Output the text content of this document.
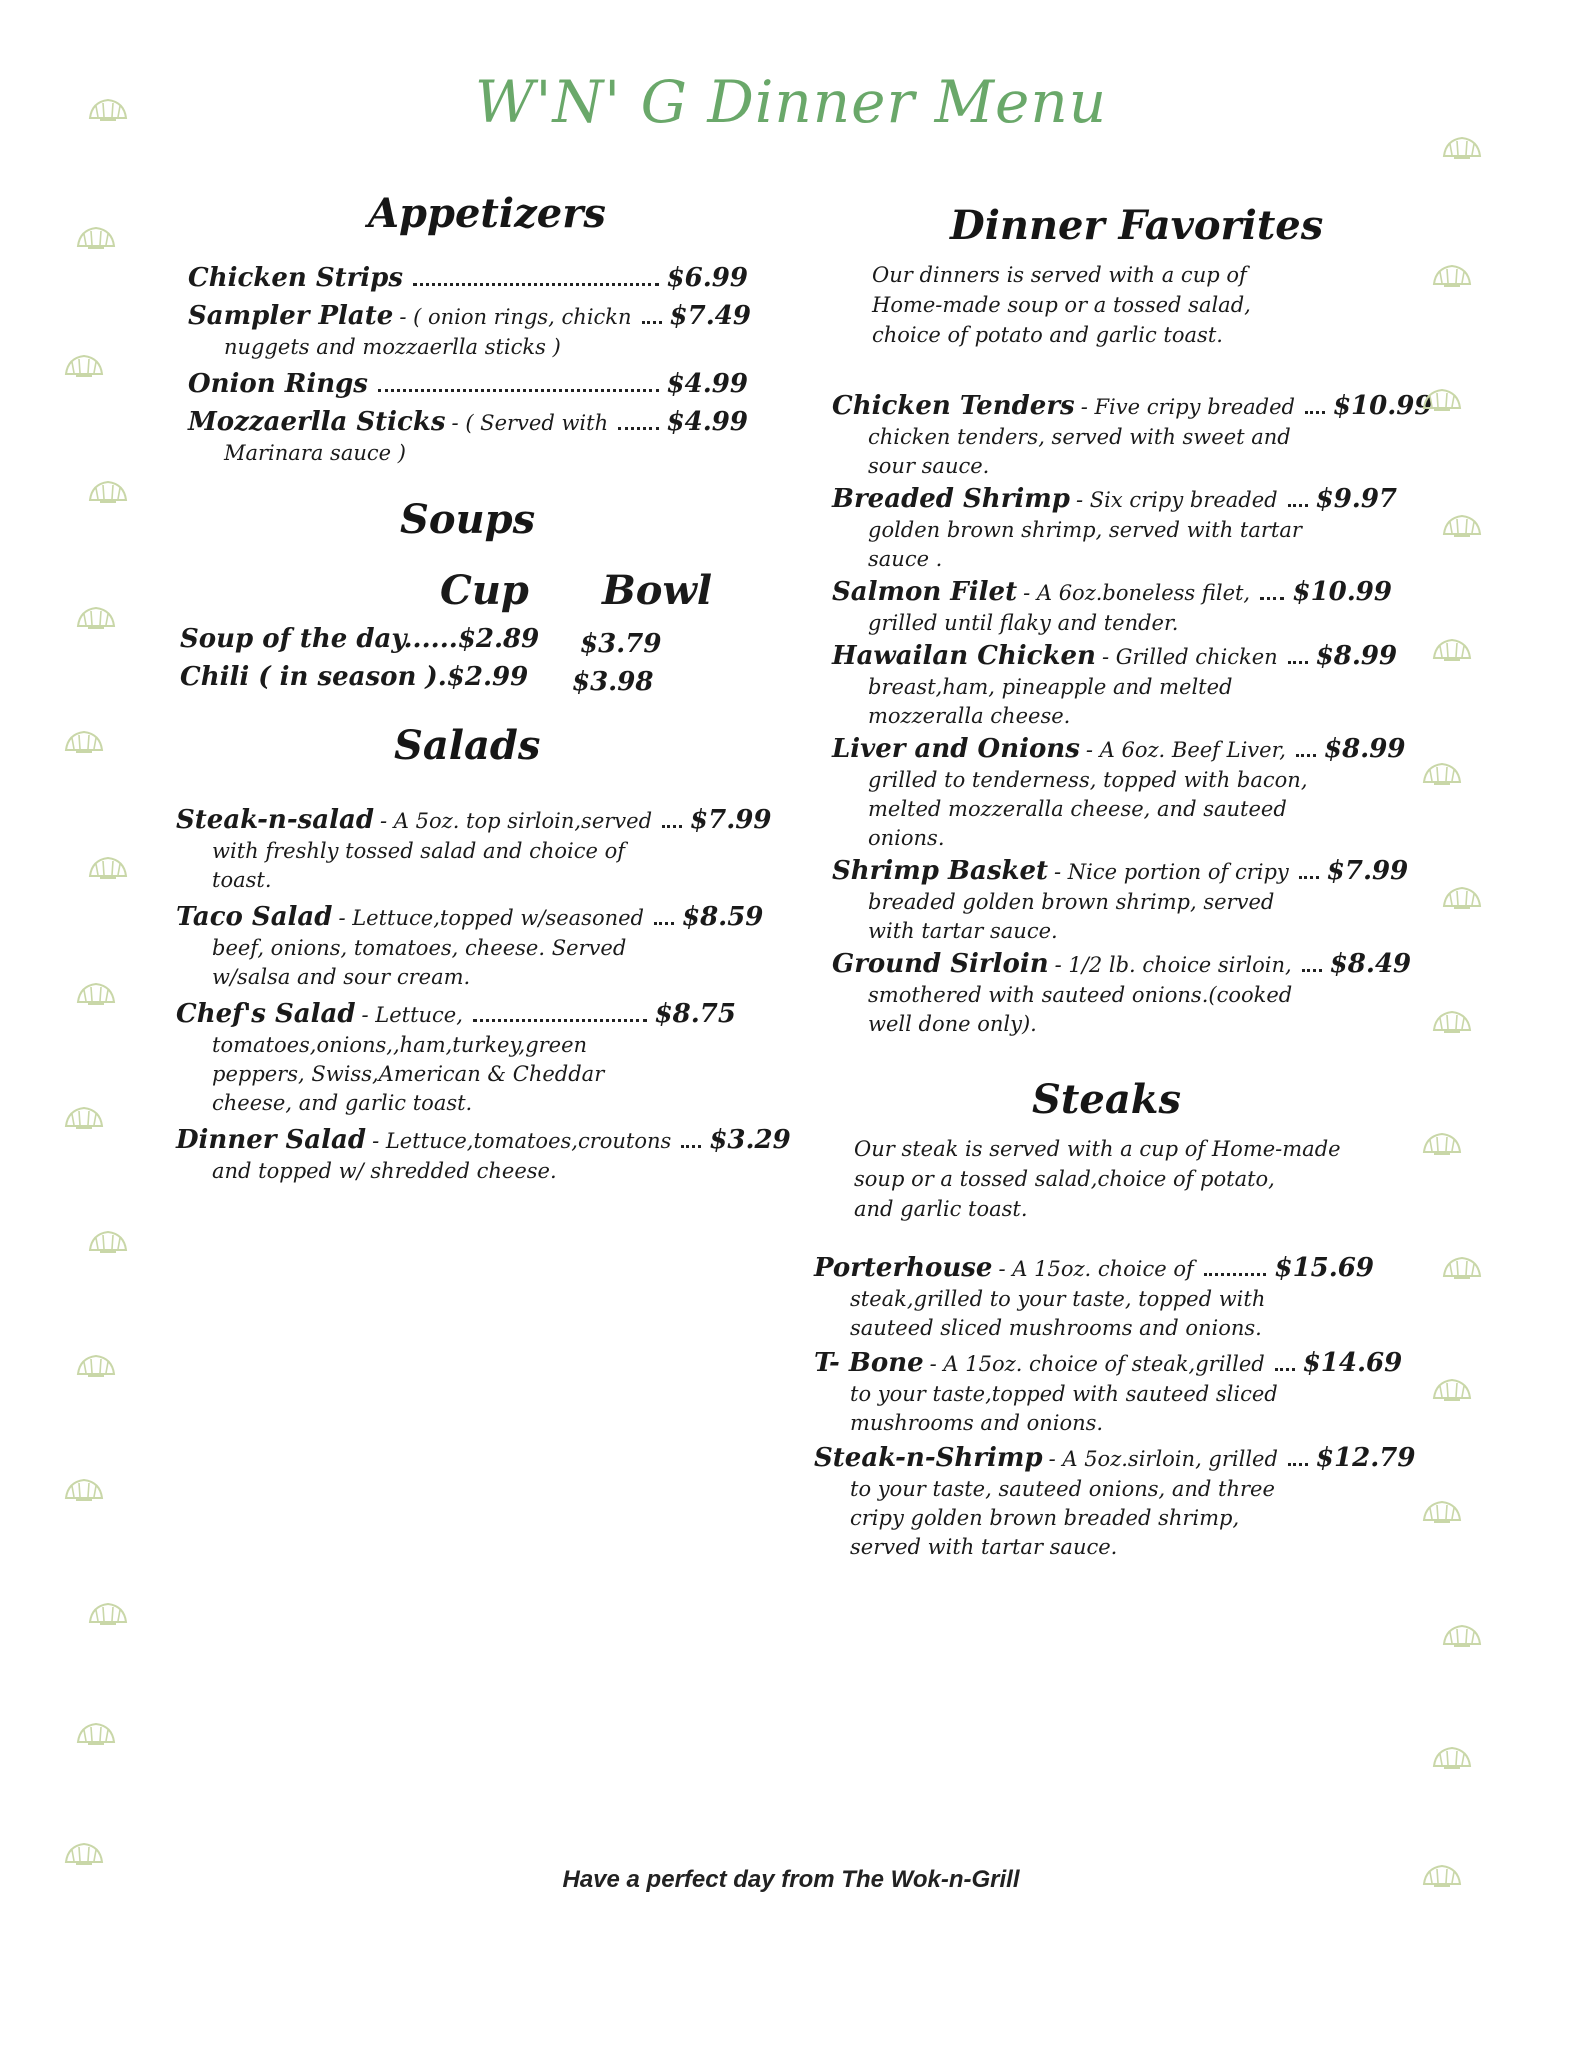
W'N' G Dinner Menu
Appetizers
Chicken Strips	$6.99
Sampler Plate - ( onion rings, chickn $7.49
nuggets and mozzaerlla sticks )
Onion Rings	$4.99
Mozzaerlla Sticks - ( Served with $4.99
Marinara sauce )
Soups
Cup Bowl
Soup of the day......$2.89 $3.79
Chili ( in season ).$2.99 $3.98
Salads
Steak-n-salad - A 5oz. top sirloin,served $7.99
with freshly tossed salad and choice of
toast.
Taco Salad - Lettuce,topped w/seasoned $8.59
beef, onions, tomatoes, cheese. Served
w/salsa and sour cream.
Chef's Salad - Lettuce,	$8.75
tomatoes,onions,,ham,turkey,green
peppers, Swiss,American & Cheddar
cheese, and garlic toast.
Dinner Salad - Lettuce,tomatoes,croutons $3.29
and topped w/ shredded cheese.
Dinner Favorites
Our dinners is served with a cup of
Home-made soup or a tossed salad,
choice of potato and garlic toast.
Chicken Tenders - Five cripy breaded $10.99
chicken tenders, served with sweet and
sour sauce.
Breaded Shrimp - Six cripy breaded $9.97
golden brown shrimp, served with tartar
sauce .
Salmon Filet - A 6oz.boneless filet, $10.99
grilled until flaky and tender.
Hawailan Chicken - Grilled chicken $8.99
breast,ham, pineapple and melted
mozzeralla cheese.
Liver and Onions - A 6oz. Beef Liver, $8.99
grilled to tenderness, topped with bacon,
melted mozzeralla cheese, and sauteed
onions.
Shrimp Basket - Nice portion of cripy $7.99
breaded golden brown shrimp, served
with tartar sauce.
Ground Sirloin - 1/2 lb. choice sirloin, $8.49
smothered with sauteed onions.(cooked
well done only).
Steaks
Our steak is served with a cup of Home-made
soup or a tossed salad,choice of potato,
and garlic toast.
Porterhouse - A 15oz. choice of	$15.69
steak,grilled to your taste, topped with
sauteed sliced mushrooms and onions.
T- Bone - A 15oz. choice of steak,grilled $14.69
to your taste,topped with sauteed sliced
mushrooms and onions.
Steak-n-Shrimp - A 5oz.sirloin, grilled $12.79
to your taste, sauteed onions, and three
cripy golden brown breaded shrimp,
served with tartar sauce.
Have a perfect day from The Wok-n-Grill
